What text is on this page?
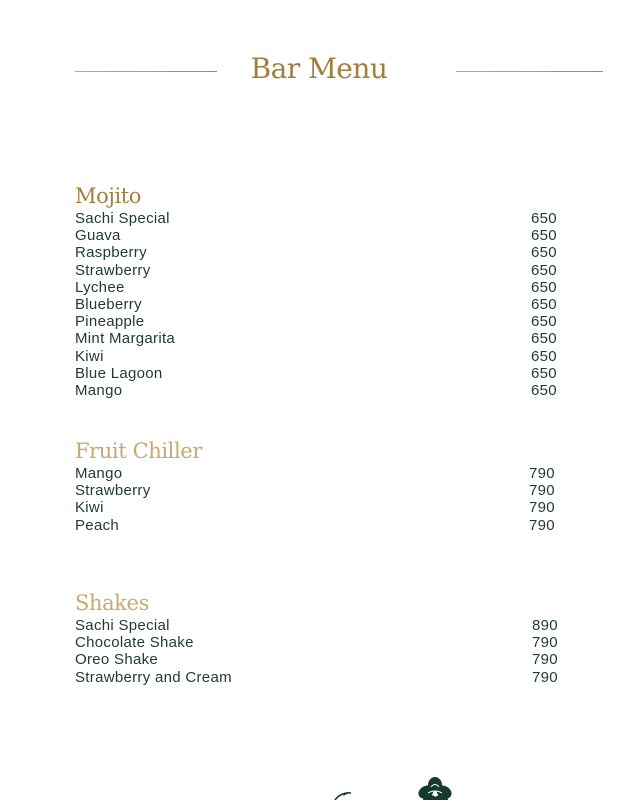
Bar Menu
Mojito
Sachi Special	650
Guava	650
Raspberry	650
Strawberry	650
Lychee	650
Blueberry	650
Pineapple	650
Mint Margarita	650
Kiwi	650
Blue Lagoon	650
Mango	650
Fruit Chiller
Mango	790
Strawberry	790
Kiwi	790
Peach	790
Shakes
Sachi Special	890
Chocolate Shake	790
Oreo Shake	790
Strawberry and Cream	790
